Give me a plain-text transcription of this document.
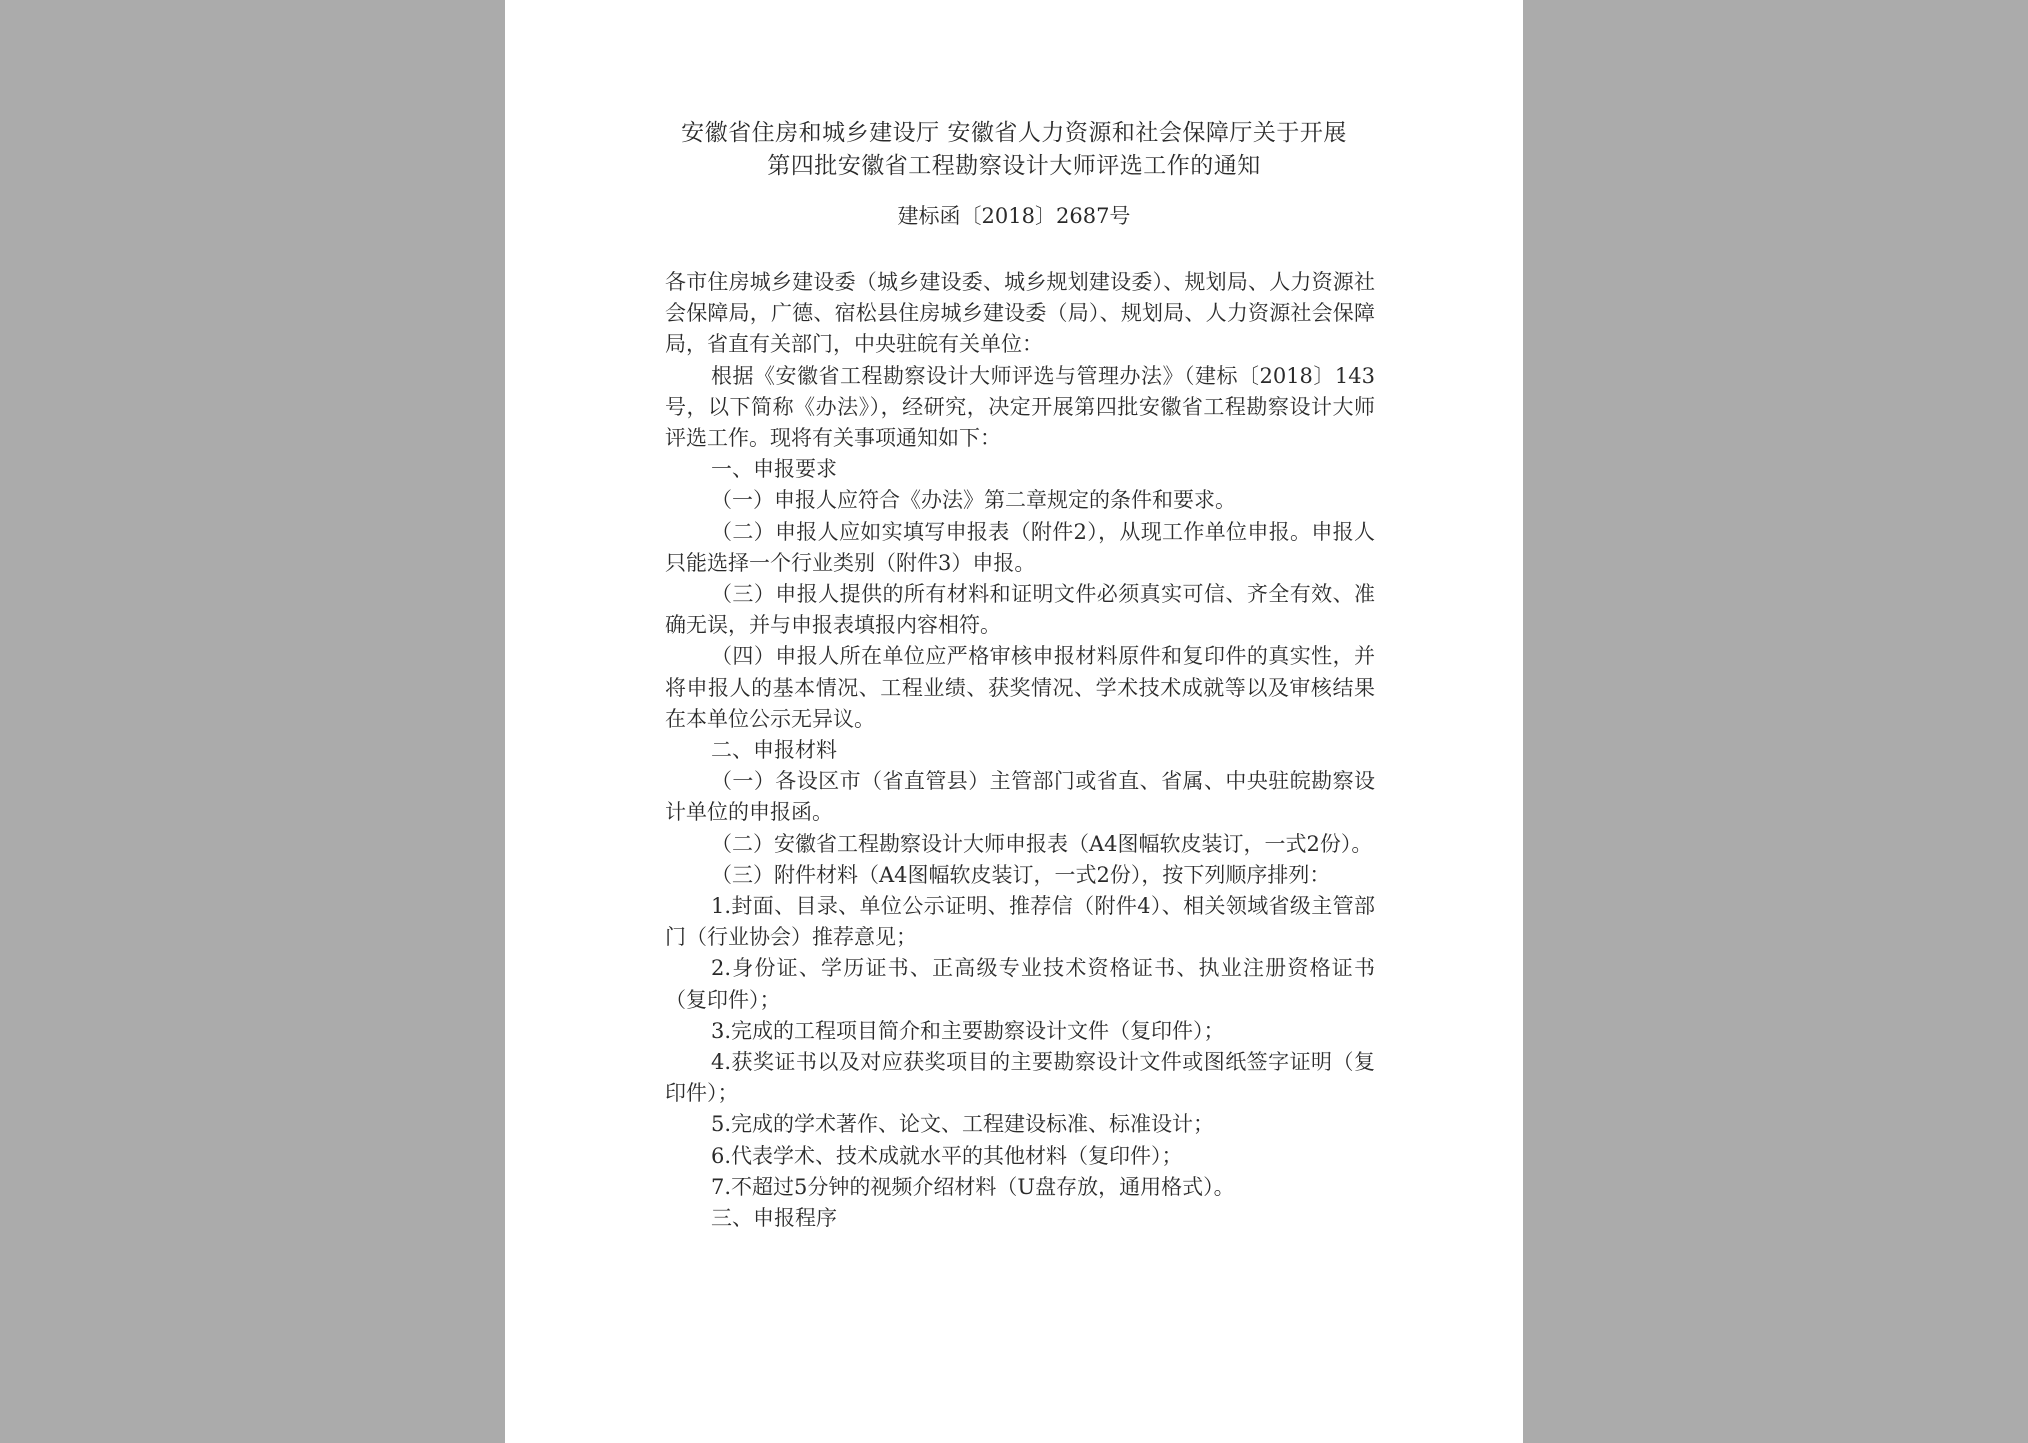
安徽省住房和城乡建设厅 安徽省人力资源和社会保障厅关于开展
第四批安徽省工程勘察设计大师评选工作的通知
建标函〔2018〕2687号

各市住房城乡建设委（城乡建设委、城乡规划建设委）、规划局、人力资源社会保障局，广德、宿松县住房城乡建设委（局）、规划局、人力资源社会保障局，省直有关部门，中央驻皖有关单位：

根据《安徽省工程勘察设计大师评选与管理办法》（建标〔2018〕143号，以下简称《办法》），经研究，决定开展第四批安徽省工程勘察设计大师评选工作。现将有关事项通知如下：

一、申报要求

（一）申报人应符合《办法》第二章规定的条件和要求。

（二）申报人应如实填写申报表（附件2），从现工作单位申报。申报人只能选择一个行业类别（附件3）申报。

（三）申报人提供的所有材料和证明文件必须真实可信、齐全有效、准确无误，并与申报表填报内容相符。

（四）申报人所在单位应严格审核申报材料原件和复印件的真实性，并将申报人的基本情况、工程业绩、获奖情况、学术技术成就等以及审核结果在本单位公示无异议。

二、申报材料

（一）各设区市（省直管县）主管部门或省直、省属、中央驻皖勘察设计单位的申报函。

（二）安徽省工程勘察设计大师申报表（A4图幅软皮装订，一式2份）。

（三）附件材料（A4图幅软皮装订，一式2份），按下列顺序排列：

1.封面、目录、单位公示证明、推荐信（附件4）、相关领域省级主管部门（行业协会）推荐意见；

2.身份证、学历证书、正高级专业技术资格证书、执业注册资格证书（复印件）；

3.完成的工程项目简介和主要勘察设计文件（复印件）；

4.获奖证书以及对应获奖项目的主要勘察设计文件或图纸签字证明（复印件）；

5.完成的学术著作、论文、工程建设标准、标准设计；

6.代表学术、技术成就水平的其他材料（复印件）；

7.不超过5分钟的视频介绍材料（U盘存放，通用格式）。

三、申报程序
